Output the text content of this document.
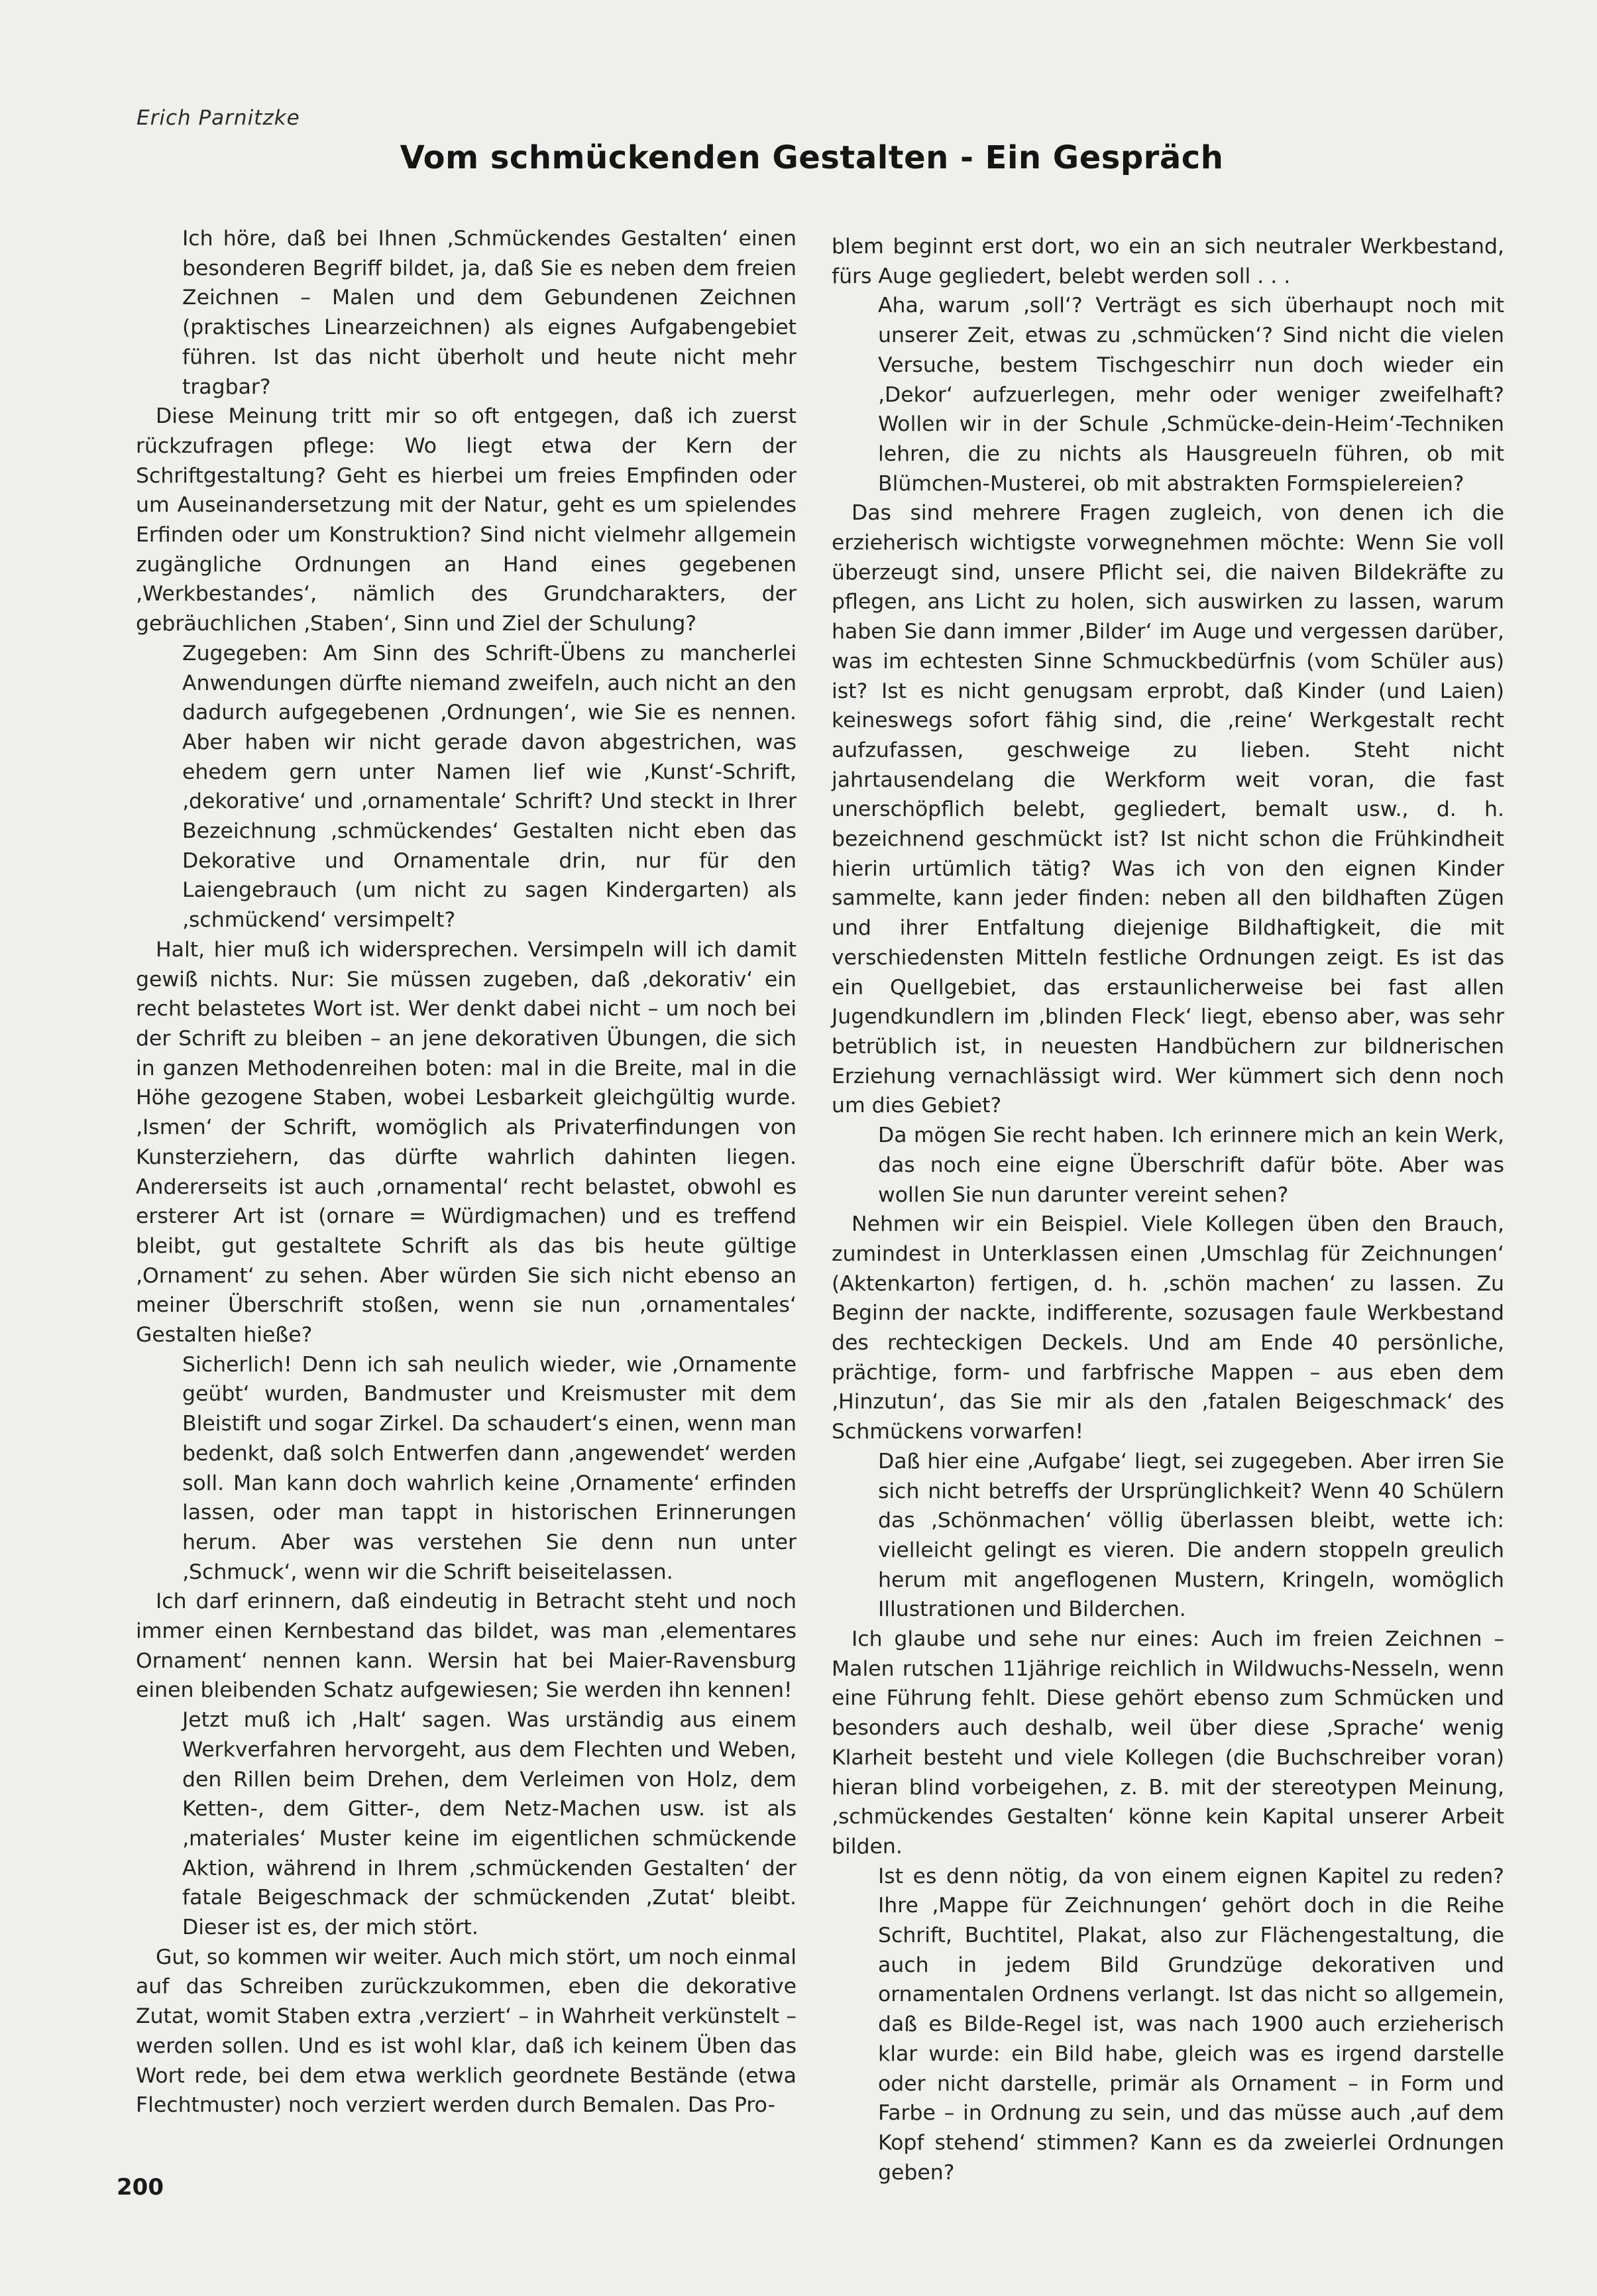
Erich Parnitzke
Vom schmückenden Gestalten - Ein Gespräch

Ich höre, daß bei Ihnen ‚Schmückendes Gestalten‘ einen besonderen Begriff bildet, ja, daß Sie es neben dem freien Zeichnen – Malen und dem Gebundenen Zeichnen (praktisches Linearzeichnen) als eignes Aufgabengebiet führen. Ist das nicht überholt und heute nicht mehr tragbar?

Diese Meinung tritt mir so oft entgegen, daß ich zuerst rückzufragen pflege: Wo liegt etwa der Kern der Schriftgestaltung? Geht es hierbei um freies Empfinden oder um Auseinandersetzung mit der Natur, geht es um spielendes Erfinden oder um Konstruktion? Sind nicht vielmehr allgemein zugängliche Ordnungen an Hand eines gegebenen ‚Werkbestandes‘, nämlich des Grundcharakters, der gebräuchlichen ‚Staben‘, Sinn und Ziel der Schulung?

Zugegeben: Am Sinn des Schrift-Übens zu mancherlei Anwendungen dürfte niemand zweifeln, auch nicht an den dadurch aufgegebenen ‚Ordnungen‘, wie Sie es nennen. Aber haben wir nicht gerade davon abgestrichen, was ehedem gern unter Namen lief wie ‚Kunst‘-Schrift, ‚dekorative‘ und ‚ornamentale‘ Schrift? Und steckt in Ihrer Bezeichnung ‚schmückendes‘ Gestalten nicht eben das Dekorative und Ornamentale drin, nur für den Laiengebrauch (um nicht zu sagen Kindergarten) als ‚schmückend‘ versimpelt?

Halt, hier muß ich widersprechen. Versimpeln will ich damit gewiß nichts. Nur: Sie müssen zugeben, daß ‚dekorativ‘ ein recht belastetes Wort ist. Wer denkt dabei nicht – um noch bei der Schrift zu bleiben – an jene dekorativen Übungen, die sich in ganzen Methodenreihen boten: mal in die Breite, mal in die Höhe gezogene Staben, wobei Lesbarkeit gleichgültig wurde. ‚Ismen‘ der Schrift, womöglich als Privaterfindungen von Kunsterziehern, das dürfte wahrlich dahinten liegen. Andererseits ist auch ‚ornamental‘ recht belastet, obwohl es ersterer Art ist (ornare = Würdigmachen) und es treffend bleibt, gut gestaltete Schrift als das bis heute gültige ‚Ornament‘ zu sehen. Aber würden Sie sich nicht ebenso an meiner Überschrift stoßen, wenn sie nun ‚ornamentales‘ Gestalten hieße?

Sicherlich! Denn ich sah neulich wieder, wie ‚Ornamente geübt‘ wurden, Bandmuster und Kreismuster mit dem Bleistift und sogar Zirkel. Da schaudert‘s einen, wenn man bedenkt, daß solch Entwerfen dann ‚angewendet‘ werden soll. Man kann doch wahrlich keine ‚Ornamente‘ erfinden lassen, oder man tappt in historischen Erinnerungen herum. Aber was verstehen Sie denn nun unter ‚Schmuck‘, wenn wir die Schrift beiseitelassen.

Ich darf erinnern, daß eindeutig in Betracht steht und noch immer einen Kernbestand das bildet, was man ‚elementares Ornament‘ nennen kann. Wersin hat bei Maier-Ravensburg einen bleibenden Schatz aufgewiesen; Sie werden ihn kennen!

Jetzt muß ich ‚Halt‘ sagen. Was urständig aus einem Werkverfahren hervorgeht, aus dem Flechten und Weben, den Rillen beim Drehen, dem Verleimen von Holz, dem Ketten-, dem Gitter-, dem Netz-Machen usw. ist als ‚materiales‘ Muster keine im eigentlichen schmückende Aktion, während in Ihrem ‚schmückenden Gestalten‘ der fatale Beigeschmack der schmückenden ‚Zutat‘ bleibt. Dieser ist es, der mich stört.

Gut, so kommen wir weiter. Auch mich stört, um noch einmal auf das Schreiben zurückzukommen, eben die dekorative Zutat, womit Staben extra ‚verziert‘ – in Wahrheit verkünstelt – werden sollen. Und es ist wohl klar, daß ich keinem Üben das Wort rede, bei dem etwa werklich geordnete Bestände (etwa Flechtmuster) noch verziert werden durch Bemalen. Das Pro-

blem beginnt erst dort, wo ein an sich neutraler Werkbestand, fürs Auge gegliedert, belebt werden soll . . .

Aha, warum ‚soll‘? Verträgt es sich überhaupt noch mit unserer Zeit, etwas zu ‚schmücken‘? Sind nicht die vielen Versuche, bestem Tischgeschirr nun doch wieder ein ‚Dekor‘ aufzuerlegen, mehr oder weniger zweifelhaft? Wollen wir in der Schule ‚Schmücke-dein-Heim‘-Techniken lehren, die zu nichts als Hausgreueln führen, ob mit Blümchen-Musterei, ob mit abstrakten Formspielereien?

Das sind mehrere Fragen zugleich, von denen ich die erzieherisch wichtigste vorwegnehmen möchte: Wenn Sie voll überzeugt sind, unsere Pflicht sei, die naiven Bildekräfte zu pflegen, ans Licht zu holen, sich auswirken zu lassen, warum haben Sie dann immer ‚Bilder‘ im Auge und vergessen darüber, was im echtesten Sinne Schmuckbedürfnis (vom Schüler aus) ist? Ist es nicht genugsam erprobt, daß Kinder (und Laien) keineswegs sofort fähig sind, die ‚reine‘ Werkgestalt recht aufzufassen, geschweige zu lieben. Steht nicht jahrtausendelang die Werkform weit voran, die fast unerschöpflich belebt, gegliedert, bemalt usw., d. h. bezeichnend geschmückt ist? Ist nicht schon die Frühkindheit hierin urtümlich tätig? Was ich von den eignen Kinder sammelte, kann jeder finden: neben all den bildhaften Zügen und ihrer Entfaltung diejenige Bildhaftigkeit, die mit verschiedensten Mitteln festliche Ordnungen zeigt. Es ist das ein Quellgebiet, das erstaunlicherweise bei fast allen Jugendkundlern im ‚blinden Fleck‘ liegt, ebenso aber, was sehr betrüblich ist, in neuesten Handbüchern zur bildnerischen Erziehung vernachlässigt wird. Wer kümmert sich denn noch um dies Gebiet?

Da mögen Sie recht haben. Ich erinnere mich an kein Werk, das noch eine eigne Überschrift dafür böte. Aber was wollen Sie nun darunter vereint sehen?

Nehmen wir ein Beispiel. Viele Kollegen üben den Brauch, zumindest in Unterklassen einen ‚Umschlag für Zeichnungen‘ (Aktenkarton) fertigen, d. h. ‚schön machen‘ zu lassen. Zu Beginn der nackte, indifferente, sozusagen faule Werkbestand des rechteckigen Deckels. Und am Ende 40 persönliche, prächtige, form- und farbfrische Mappen – aus eben dem ‚Hinzutun‘, das Sie mir als den ‚fatalen Beigeschmack‘ des Schmückens vorwarfen!

Daß hier eine ‚Aufgabe‘ liegt, sei zugegeben. Aber irren Sie sich nicht betreffs der Ursprünglichkeit? Wenn 40 Schülern das ‚Schönmachen‘ völlig überlassen bleibt, wette ich: vielleicht gelingt es vieren. Die andern stoppeln greulich herum mit angeflogenen Mustern, Kringeln, womöglich Illustrationen und Bilderchen.

Ich glaube und sehe nur eines: Auch im freien Zeichnen – Malen rutschen 11jährige reichlich in Wildwuchs-Nesseln, wenn eine Führung fehlt. Diese gehört ebenso zum Schmücken und besonders auch deshalb, weil über diese ‚Sprache‘ wenig Klarheit besteht und viele Kollegen (die Buchschreiber voran) hieran blind vorbeigehen, z. B. mit der stereotypen Meinung, ‚schmückendes Gestalten‘ könne kein Kapital unserer Arbeit bilden.

Ist es denn nötig, da von einem eignen Kapitel zu reden? Ihre ‚Mappe für Zeichnungen‘ gehört doch in die Reihe Schrift, Buchtitel, Plakat, also zur Flächengestaltung, die auch in jedem Bild Grundzüge dekorativen und ornamentalen Ordnens verlangt. Ist das nicht so allgemein, daß es Bilde-Regel ist, was nach 1900 auch erzieherisch klar wurde: ein Bild habe, gleich was es irgend darstelle oder nicht darstelle, primär als Ornament – in Form und Farbe – in Ordnung zu sein, und das müsse auch ‚auf dem Kopf stehend‘ stimmen? Kann es da zweierlei Ordnungen geben?

200
